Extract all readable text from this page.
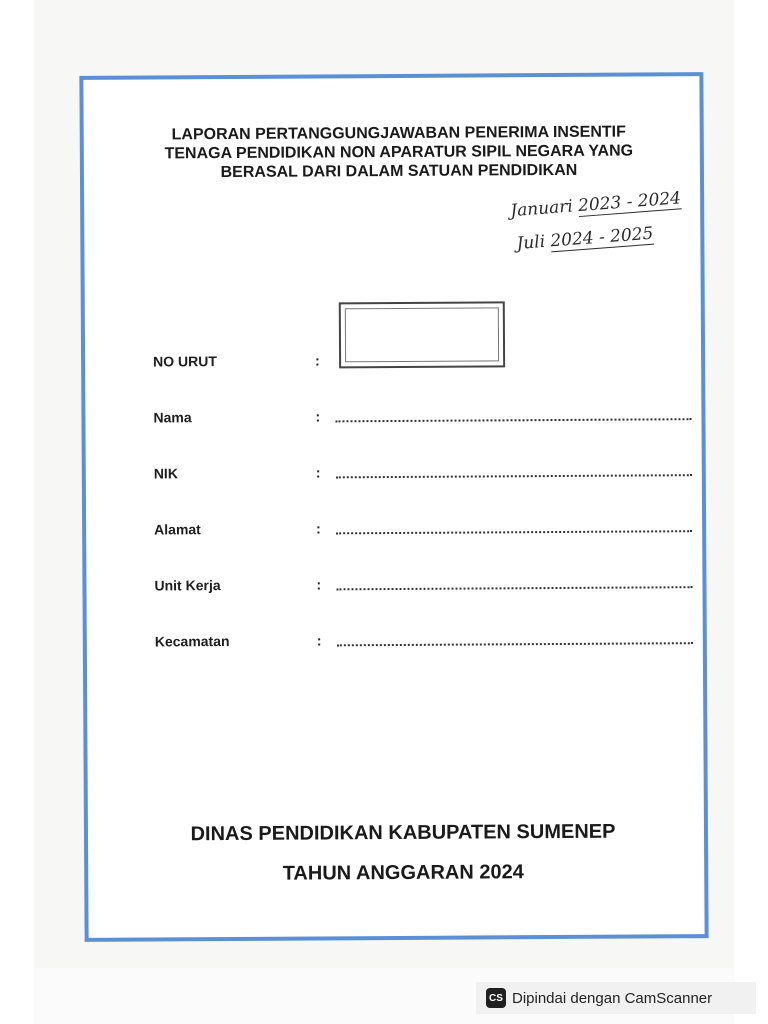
LAPORAN PERTANGGUNGJAWABAN PENERIMA INSENTIF TENAGA PENDIDIKAN NON APARATUR SIPIL NEGARA YANG BERASAL DARI DALAM SATUAN PENDIDIKAN

Januari 2023 - 2024
Juli 2024 - 2025
NO URUT	:
Nama	:
NIK	:
Alamat	:
Unit Kerja	:
Kecamatan	:
DINAS PENDIDIKAN KABUPATEN SUMENEP
TAHUN ANGGARAN 2024
CS Dipindai dengan CamScanner
